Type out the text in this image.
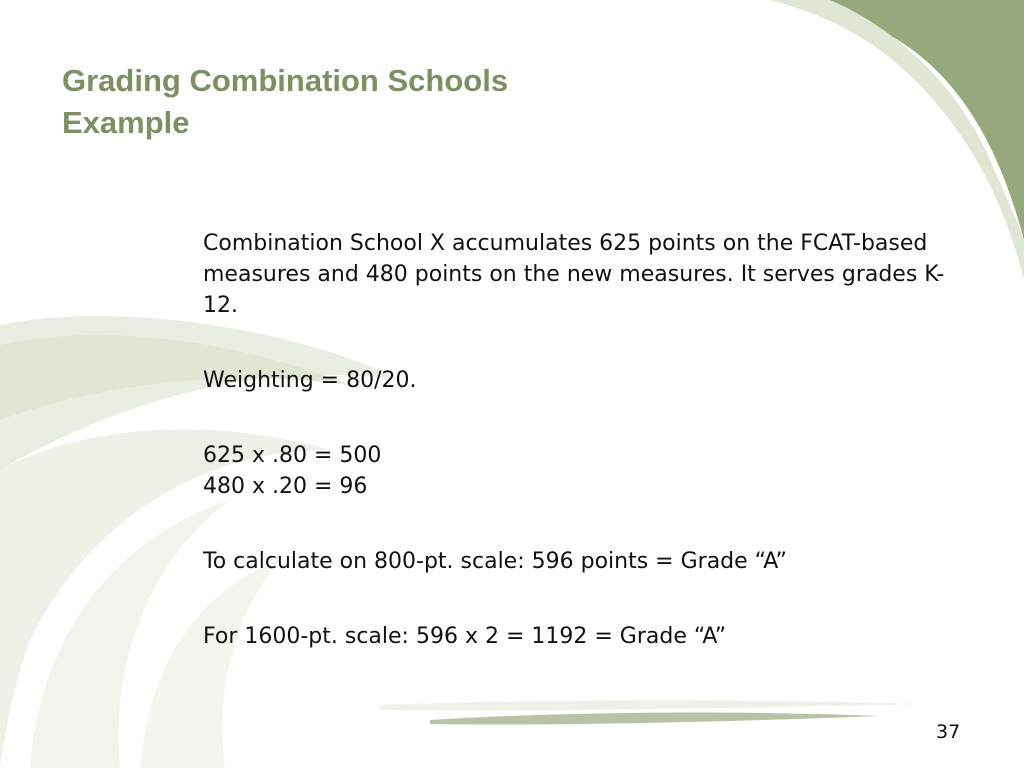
Grading Combination Schools
Example

Combination School X accumulates 625 points on the FCAT-based measures and 480 points on the new measures. It serves grades K-12.

Weighting = 80/20.

625 x .80 = 500

480 x .20 = 96

To calculate on 800-pt. scale: 596 points = Grade “A”

For 1600-pt. scale: 596 x 2 = 1192 = Grade “A”

37
